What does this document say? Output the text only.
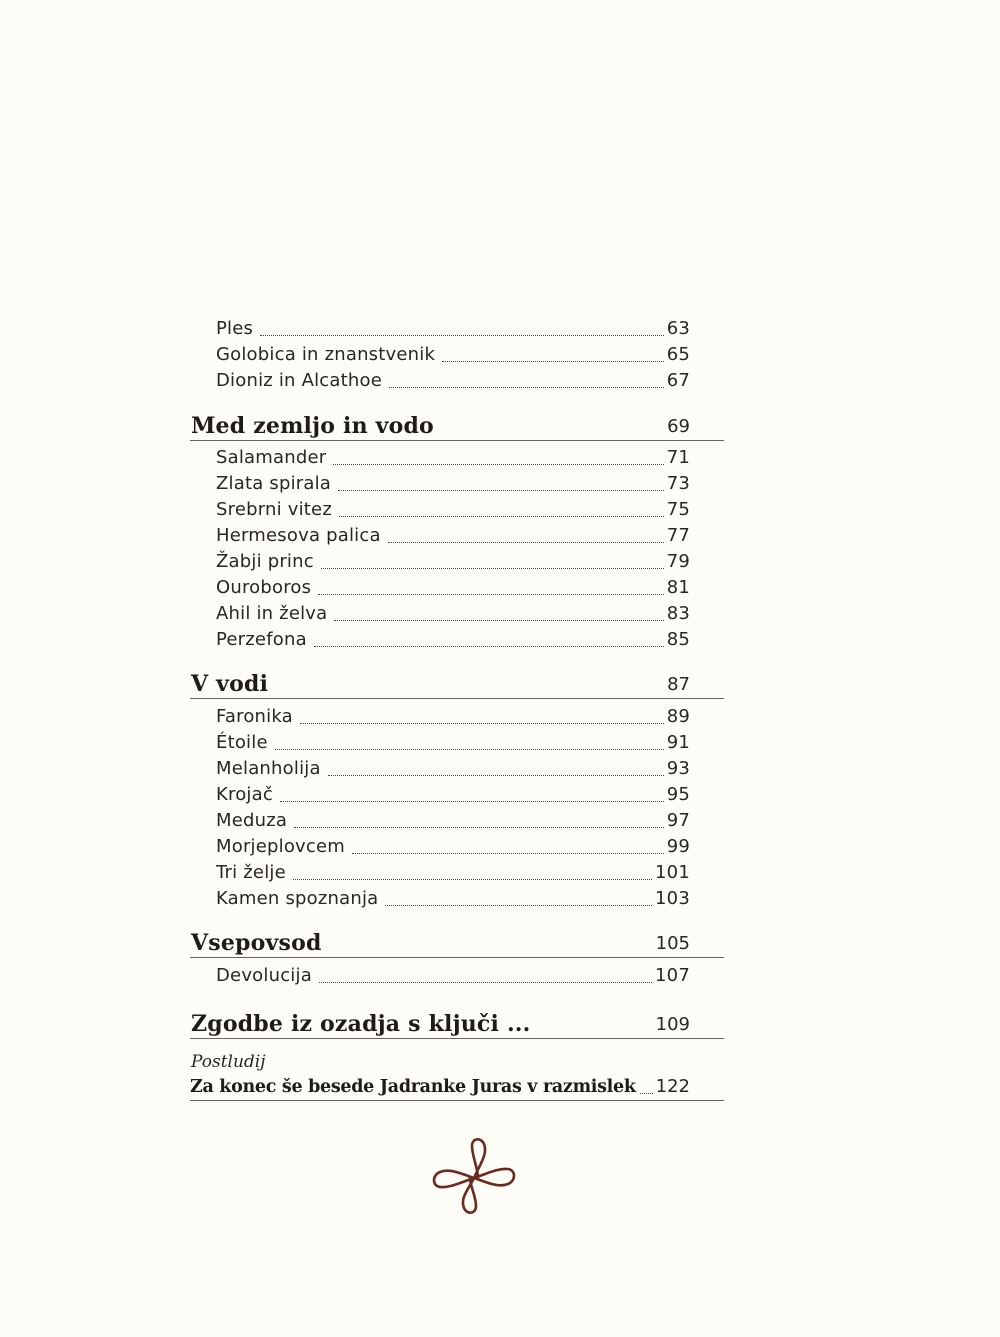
Ples	63
Golobica in znanstvenik	65
Dioniz in Alcathoe	67
Med zemljo in vodo	69
Salamander	71
Zlata spirala	73
Srebrni vitez	75
Hermesova palica	77
Žabji princ	79
Ouroboros	81
Ahil in želva	83
Perzefona	85
V vodi	87
Faronika	89
Étoile	91
Melanholija	93
Krojač	95
Meduza	97
Morjeplovcem	99
Tri želje	101
Kamen spoznanja	103
Vsepovsod	105
Devolucija	107
Zgodbe iz ozadja s ključi ...	109
Postludij
Za konec še besede Jadranke Juras v razmislek 122
